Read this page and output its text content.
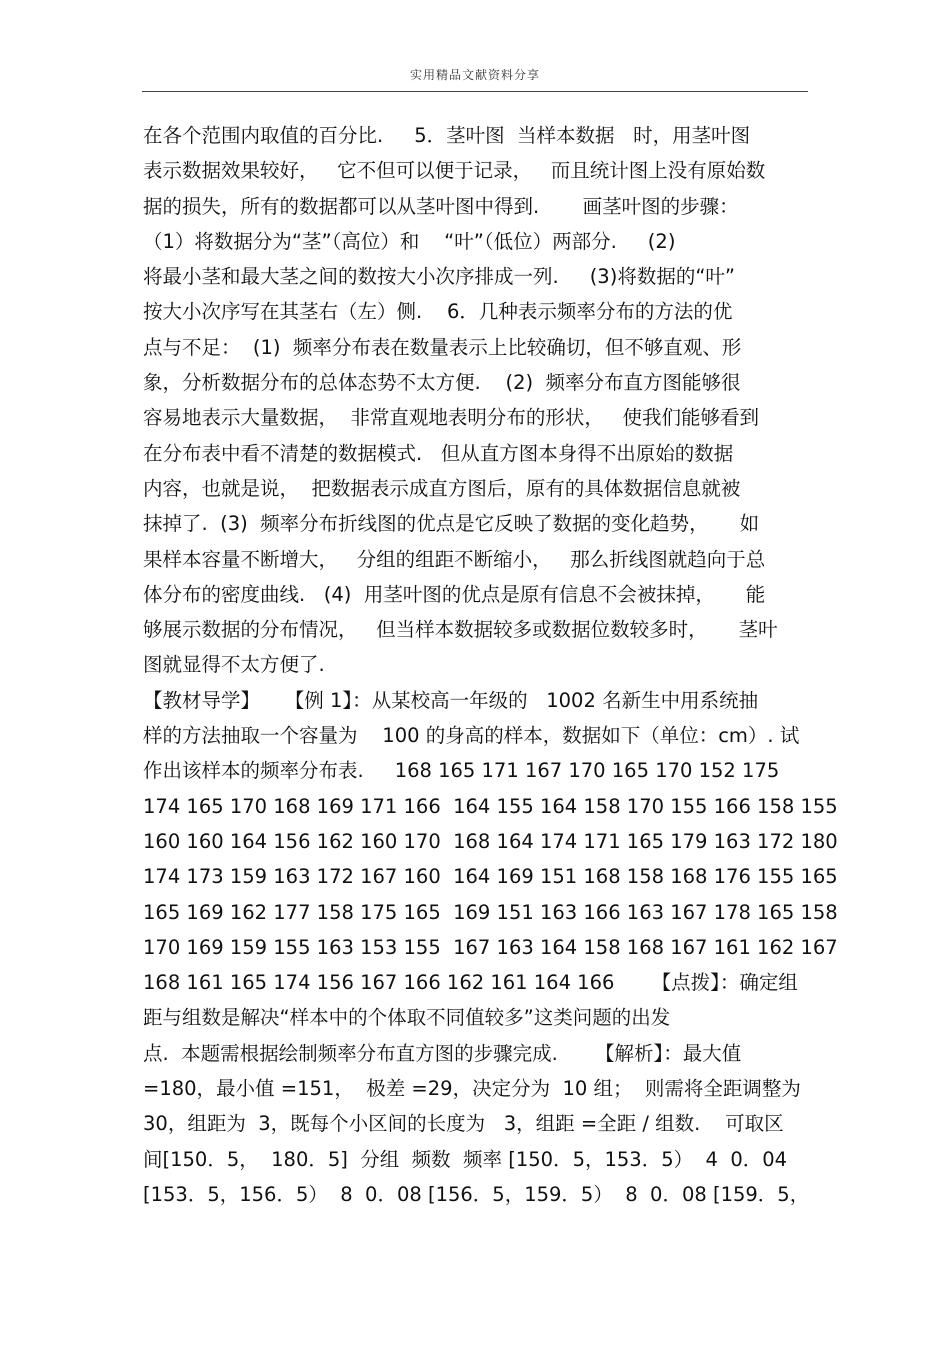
实用精品文献资料分享
在各个范围内取值的百分比.     5．茎叶图  当样本数据   时，用茎叶图
表示数据效果较好，   它不但可以便于记录，   而且统计图上没有原始数
据的损失，所有的数据都可以从茎叶图中得到.       画茎叶图的步骤：
（1）将数据分为“茎”（高位）和    “叶”（低位）两部分.     (2)
将最小茎和最大茎之间的数按大小次序排成一列.     (3)将数据的“叶”
按大小次序写在其茎右（左）侧.    6．几种表示频率分布的方法的优
点与不足：  (1)  频率分布表在数量表示上比较确切，但不够直观、形
象，分析数据分布的总体态势不太方便.    (2)  频率分布直方图能够很
容易地表示大量数据，  非常直观地表明分布的形状，   使我们能够看到
在分布表中看不清楚的数据模式.   但从直方图本身得不出原始的数据
内容，也就是说，  把数据表示成直方图后，原有的具体数据信息就被
抹掉了.  (3)  频率分布折线图的优点是它反映了数据的变化趋势，     如
果样本容量不断增大，   分组的组距不断缩小，   那么折线图就趋向于总
体分布的密度曲线.   (4)  用茎叶图的优点是原有信息不会被抹掉，     能
够展示数据的分布情况，   但当样本数据较多或数据位数较多时，     茎叶
图就显得不太方便了.
【教材导学】    【例 1】：从某校高一年级的   1002 名新生中用系统抽
样的方法抽取一个容量为    100 的身高的样本，数据如下（单位：cm）. 试
作出该样本的频率分布表.     168 165 171 167 170 165 170 152 175
174 165 170 168 169 171 166  164 155 164 158 170 155 166 158 155
160 160 164 156 162 160 170  168 164 174 171 165 179 163 172 180
174 173 159 163 172 167 160  164 169 151 168 158 168 176 155 165
165 169 162 177 158 175 165  169 151 163 166 163 167 178 165 158
170 169 159 155 163 153 155  167 163 164 158 168 167 161 162 167
168 161 165 174 156 167 166 162 161 164 166      【点拨】：确定组
距与组数是解决“样本中的个体取不同值较多”这类问题的出发
点.  本题需根据绘制频率分布直方图的步骤完成.      【解析】：最大值
=180，最小值 =151，  极差 =29，决定分为  10 组；  则需将全距调整为
30，组距为  3，既每个小区间的长度为   3，组距 =全距 / 组数.    可取区
间[150．5，  180．5]  分组  频数  频率 [150．5，153．5）  4  0．04
[153．5，156．5）  8  0．08 [156．5，159．5）  8  0．08 [159．5，
